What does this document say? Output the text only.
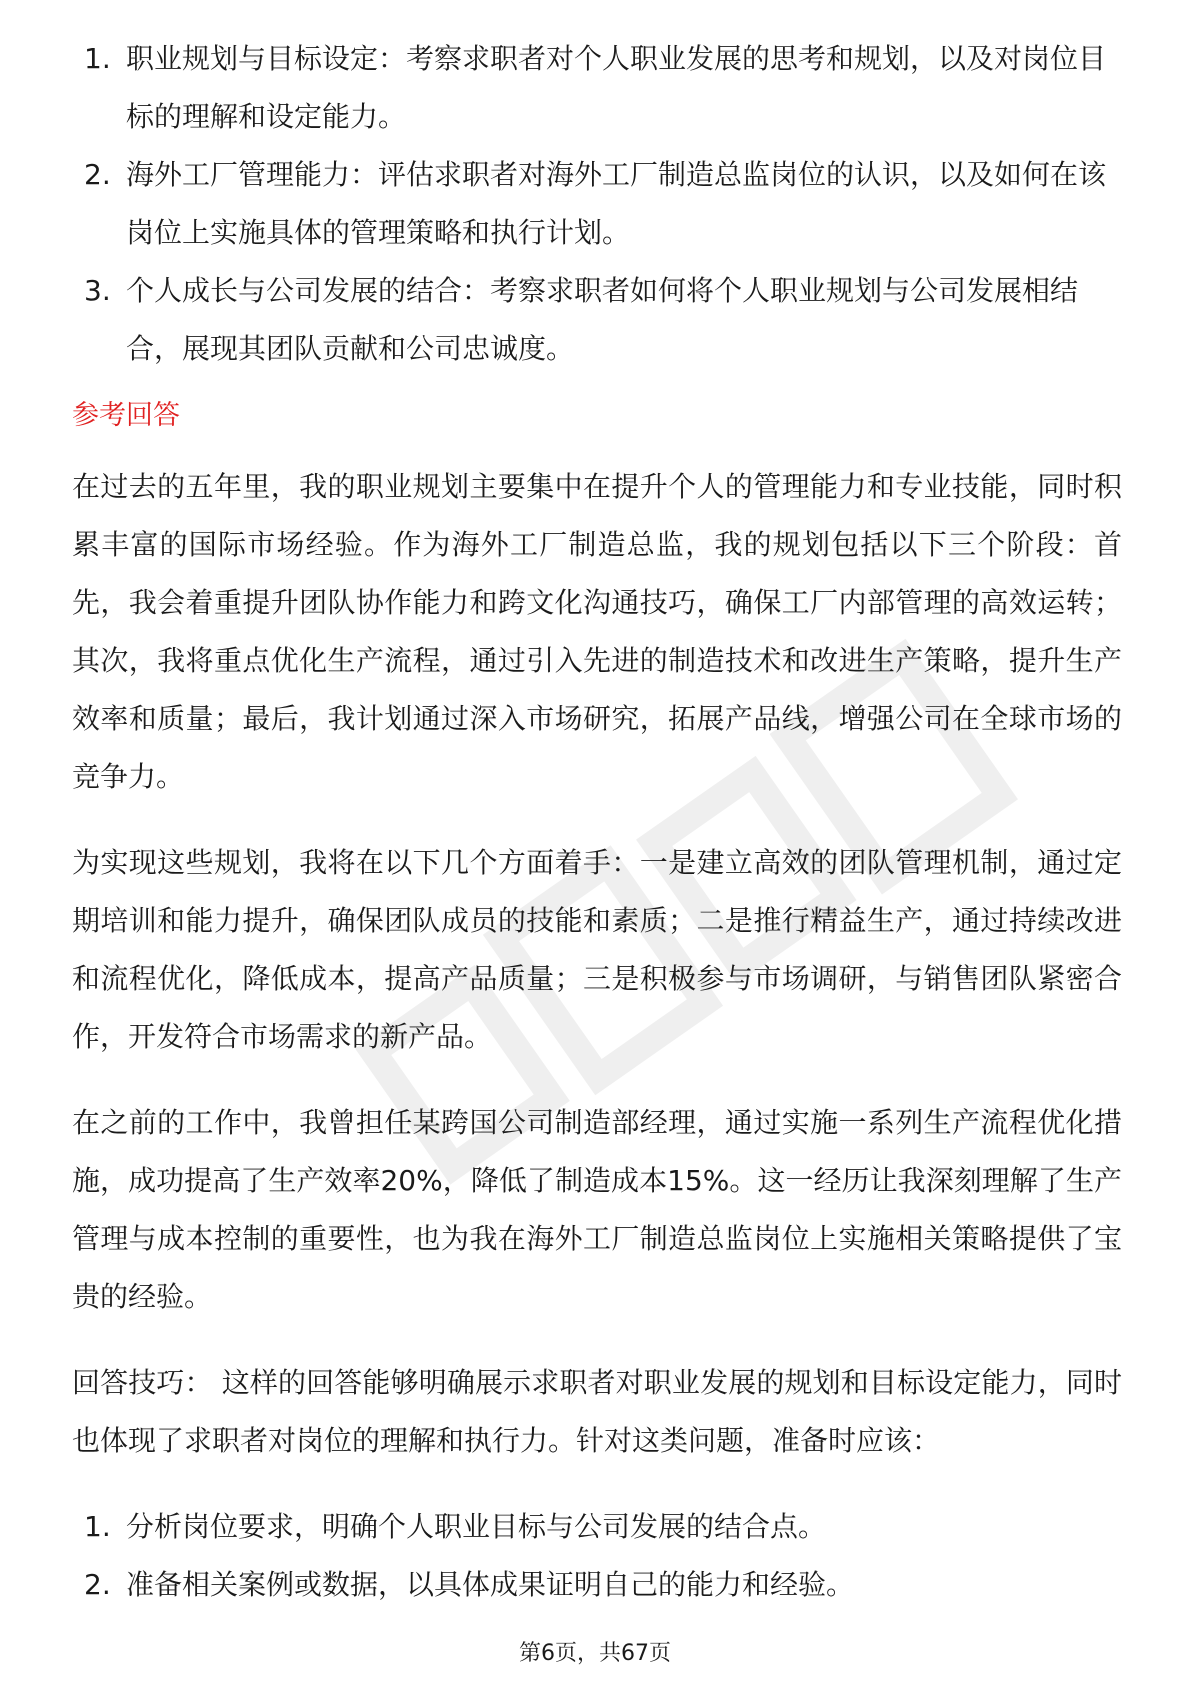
1. 职业规划与目标设定：考察求职者对个人职业发展的思考和规划，以及对岗位目标的理解和设定能力。
2. 海外工厂管理能力：评估求职者对海外工厂制造总监岗位的认识，以及如何在该岗位上实施具体的管理策略和执行计划。
3. 个人成长与公司发展的结合：考察求职者如何将个人职业规划与公司发展相结合，展现其团队贡献和公司忠诚度。
参考回答

在过去的五年里，我的职业规划主要集中在提升个人的管理能力和专业技能，同时积累丰富的国际市场经验。作为海外工厂制造总监，我的规划包括以下三个阶段：首先，我会着重提升团队协作能力和跨文化沟通技巧，确保工厂内部管理的高效运转；其次，我将重点优化生产流程，通过引入先进的制造技术和改进生产策略，提升生产效率和质量；最后，我计划通过深入市场研究，拓展产品线，增强公司在全球市场的竞争力。

为实现这些规划，我将在以下几个方面着手：一是建立高效的团队管理机制，通过定期培训和能力提升，确保团队成员的技能和素质；二是推行精益生产，通过持续改进和流程优化，降低成本，提高产品质量；三是积极参与市场调研，与销售团队紧密合作，开发符合市场需求的新产品。

在之前的工作中，我曾担任某跨国公司制造部经理，通过实施一系列生产流程优化措施，成功提高了生产效率20%，降低了制造成本15%。这一经历让我深刻理解了生产管理与成本控制的重要性，也为我在海外工厂制造总监岗位上实施相关策略提供了宝贵的经验。

回答技巧： 这样的回答能够明确展示求职者对职业发展的规划和目标设定能力，同时也体现了求职者对岗位的理解和执行力。针对这类问题，准备时应该：

1. 分析岗位要求，明确个人职业目标与公司发展的结合点。
2. 准备相关案例或数据，以具体成果证明自己的能力和经验。
第6页，共67页
